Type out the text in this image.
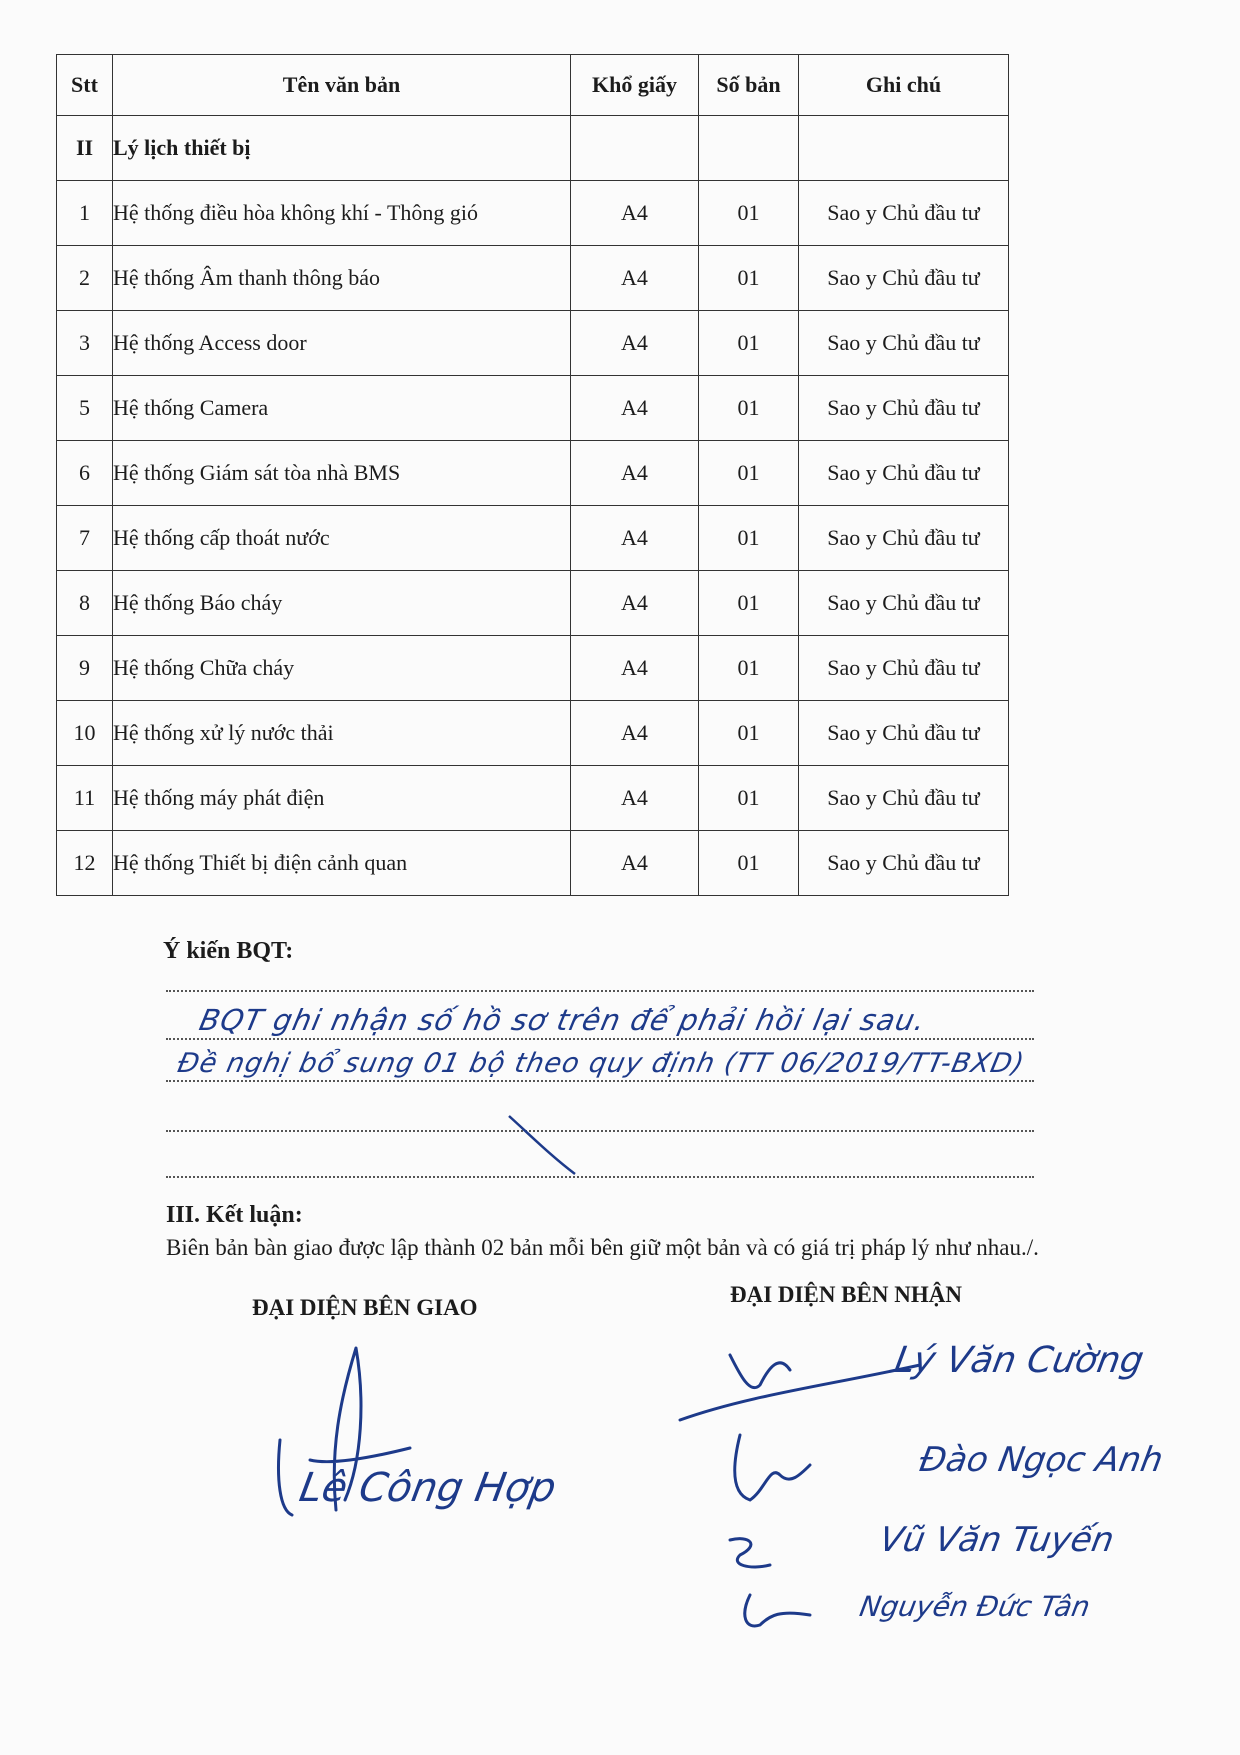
Stt	Tên văn bản	Khổ giấy	Số bản	Ghi chú
II	Lý lịch thiết bị			
1	Hệ thống điều hòa không khí - Thông gió	A4	01	Sao y Chủ đầu tư
2	Hệ thống Âm thanh thông báo	A4	01	Sao y Chủ đầu tư
3	Hệ thống Access door	A4	01	Sao y Chủ đầu tư
5	Hệ thống Camera	A4	01	Sao y Chủ đầu tư
6	Hệ thống Giám sát tòa nhà BMS	A4	01	Sao y Chủ đầu tư
7	Hệ thống cấp thoát nước	A4	01	Sao y Chủ đầu tư
8	Hệ thống Báo cháy	A4	01	Sao y Chủ đầu tư
9	Hệ thống Chữa cháy	A4	01	Sao y Chủ đầu tư
10	Hệ thống xử lý nước thải	A4	01	Sao y Chủ đầu tư
11	Hệ thống máy phát điện	A4	01	Sao y Chủ đầu tư
12	Hệ thống Thiết bị điện cảnh quan	A4	01	Sao y Chủ đầu tư
Ý kiến BQT:
BQT ghi nhận số hồ sơ trên để phải hồi lại sau.
Đề nghị bổ sung 01 bộ theo quy định (TT 06/2019/TT-BXD)
III. Kết luận:
Biên bản bàn giao được lập thành 02 bản mỗi bên giữ một bản và có giá trị pháp lý như nhau./.
ĐẠI DIỆN BÊN GIAO
ĐẠI DIỆN BÊN NHẬN
Lê Công Hợp
Lý Văn Cường
Đào Ngọc Anh
Vũ Văn Tuyến
Nguyễn Đức Tân
